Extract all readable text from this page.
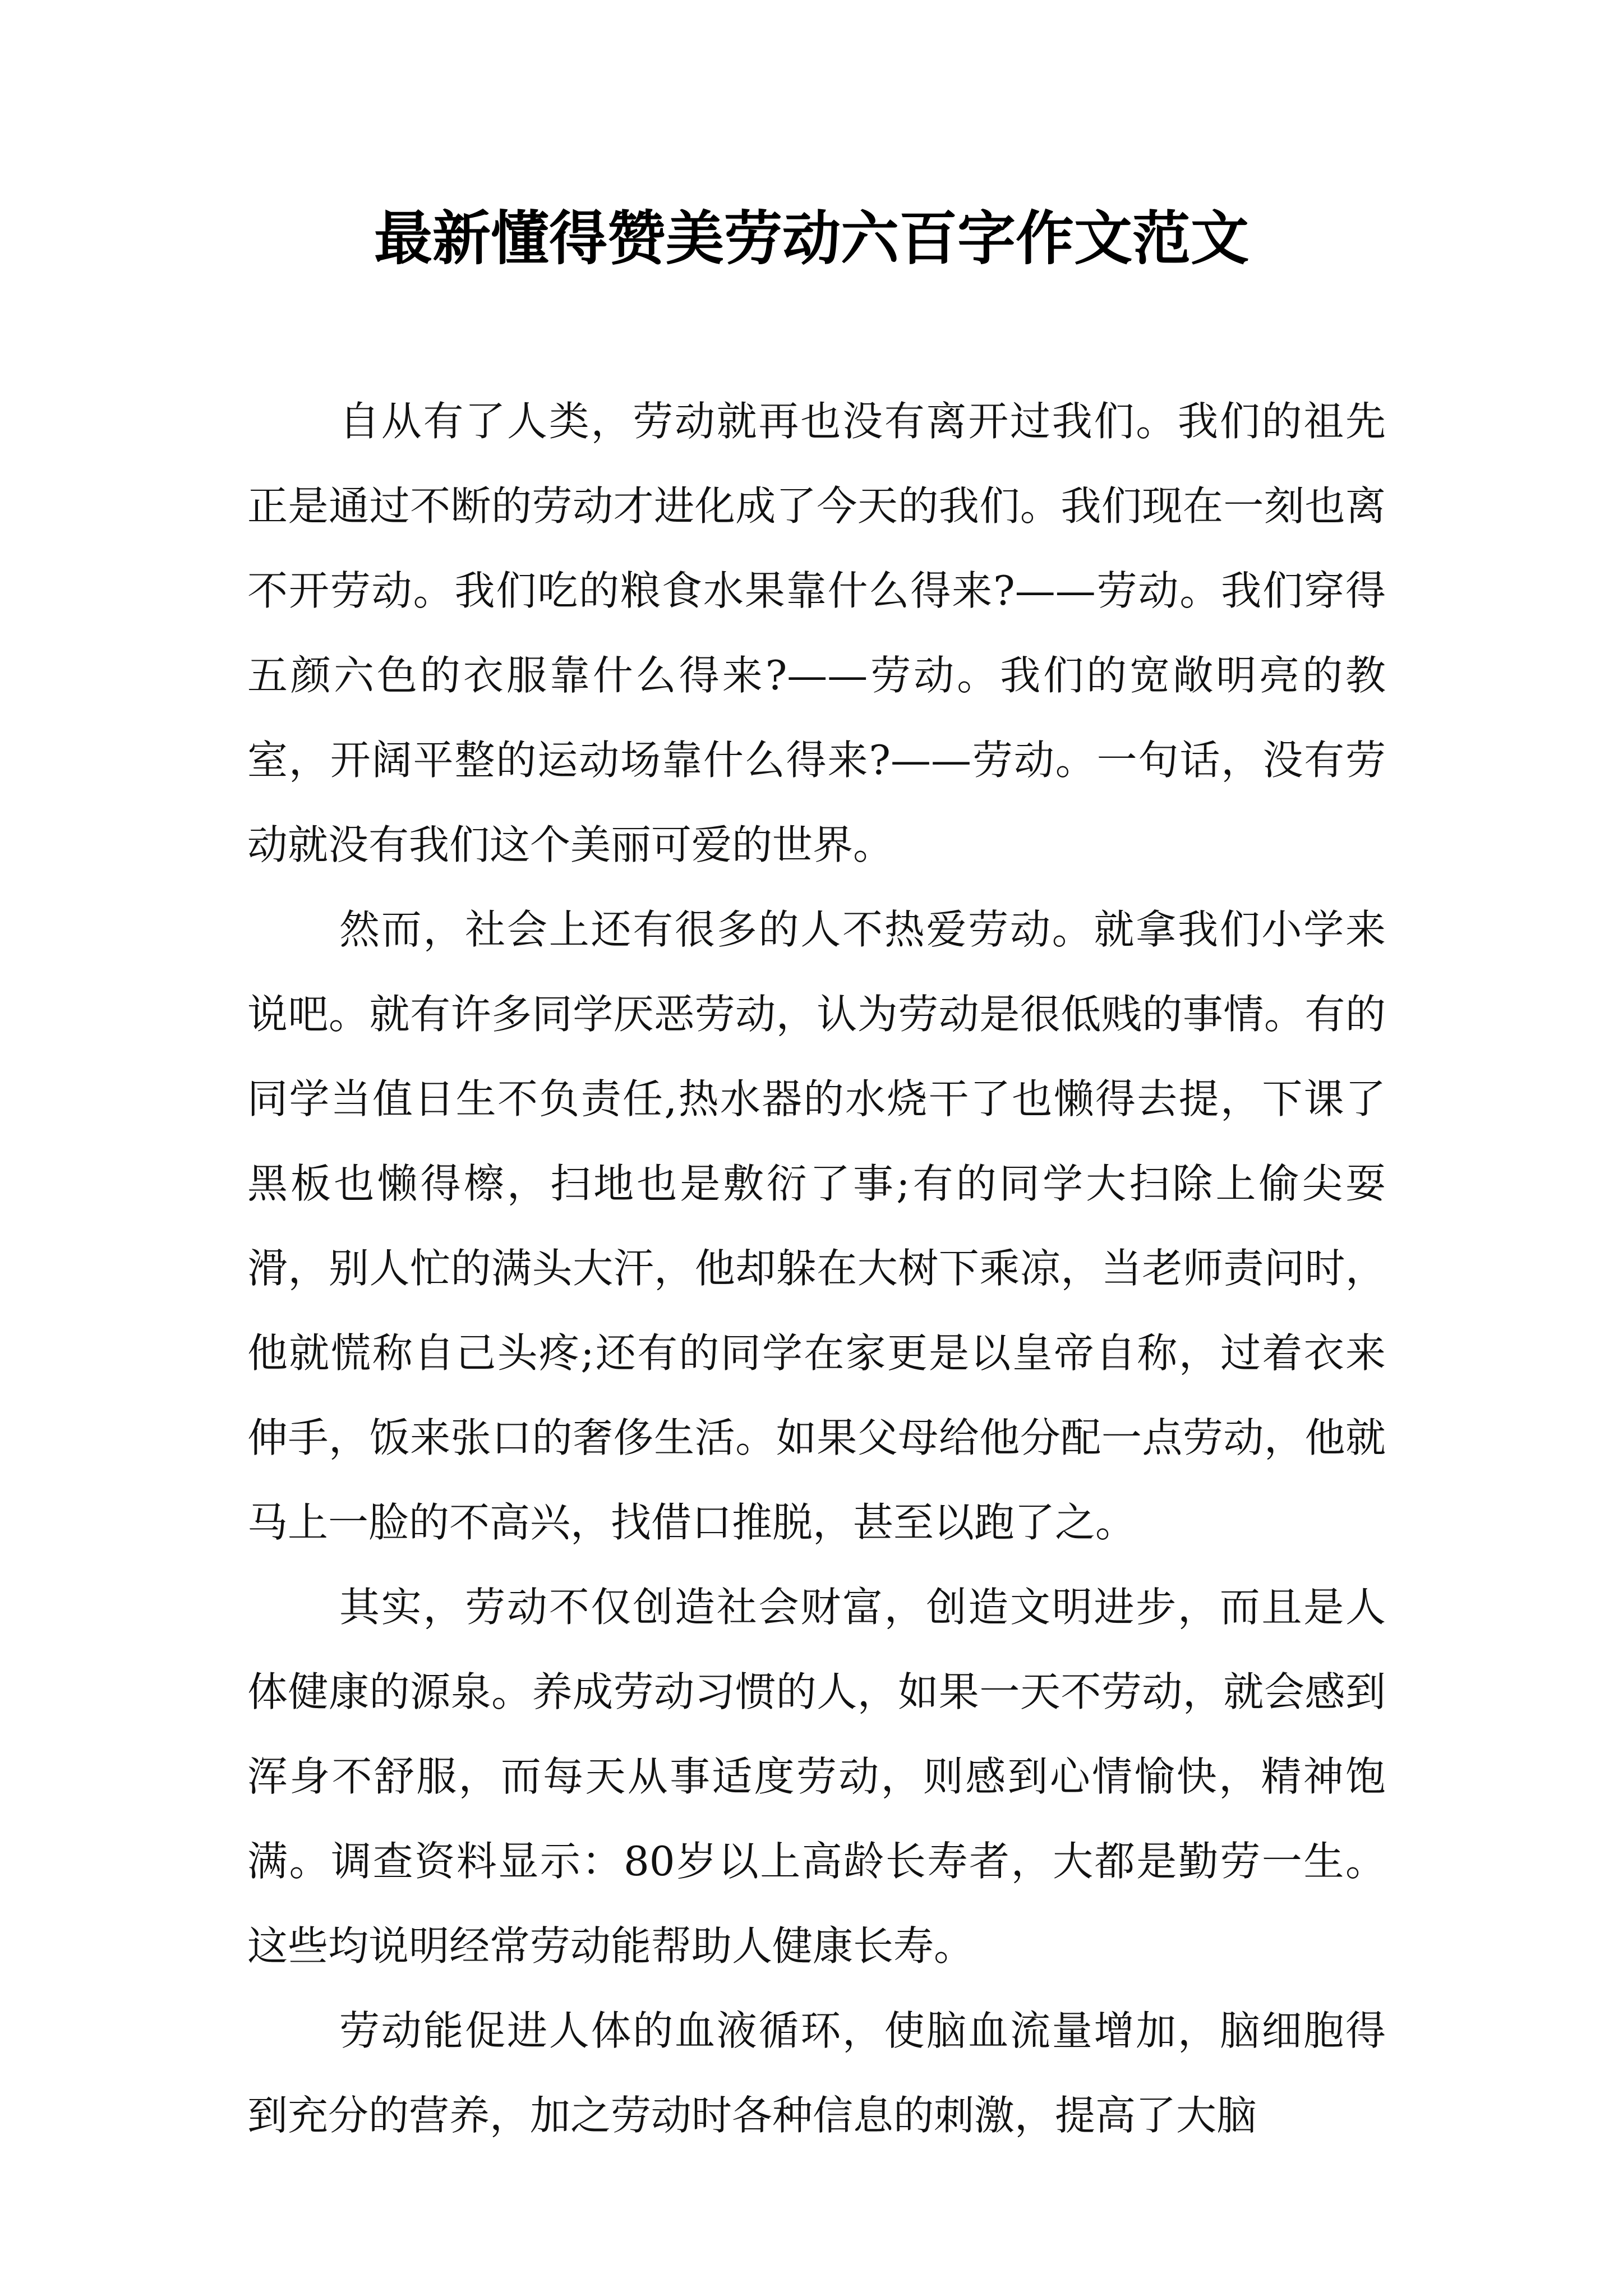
最新懂得赞美劳动六百字作文范文

自从有了人类，劳动就再也没有离开过我们。我们的祖先正是通过不断的劳动才进化成了今天的我们。我们现在一刻也离不开劳动。我们吃的粮食水果靠什么得来?——劳动。我们穿得五颜六色的衣服靠什么得来?——劳动。我们的宽敞明亮的教室，开阔平整的运动场靠什么得来?——劳动。一句话，没有劳动就没有我们这个美丽可爱的世界。

然而，社会上还有很多的人不热爱劳动。就拿我们小学来说吧。就有许多同学厌恶劳动，认为劳动是很低贱的事情。有的同学当值日生不负责任,热水器的水烧干了也懒得去提，下课了黑板也懒得檫，扫地也是敷衍了事;有的同学大扫除上偷尖耍滑，别人忙的满头大汗，他却躲在大树下乘凉，当老师责问时，他就慌称自己头疼;还有的同学在家更是以皇帝自称，过着衣来伸手，饭来张口的奢侈生活。如果父母给他分配一点劳动，他就马上一脸的不高兴，找借口推脱，甚至以跑了之。

其实，劳动不仅创造社会财富，创造文明进步，而且是人体健康的源泉。养成劳动习惯的人，如果一天不劳动，就会感到浑身不舒服，而每天从事适度劳动，则感到心情愉快，精神饱满。调查资料显示：80岁以上高龄长寿者，大都是勤劳一生。这些均说明经常劳动能帮助人健康长寿。

劳动能促进人体的血液循环，使脑血流量增加，脑细胞得到充分的营养，加之劳动时各种信息的刺激，提高了大脑
